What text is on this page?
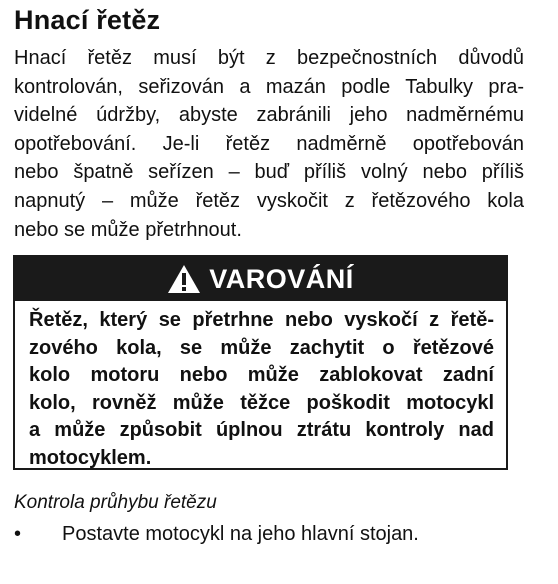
Hnací řetěz

Hnací řetěz musí být z bezpečnostních důvodů
kontrolován, seřizován a mazán podle Tabulky pra-
videlné údržby, abyste zabránili jeho nadměrnému
opotřebování. Je-li řetěz nadměrně opotřebován
nebo špatně seřízen – buď příliš volný nebo příliš
napnutý – může řetěz vyskočit z řetězového kola
nebo se může přetrhnout.

VAROVÁNÍ

Řetěz, který se přetrhne nebo vyskočí z řetě-
zového kola, se může zachytit o řetězové
kolo motoru nebo může zablokovat zadní
kolo, rovněž může těžce poškodit motocykl
a může způsobit úplnou ztrátu kontroly nad
motocyklem.

Kontrola průhybu řetězu

•	Postavte motocykl na jeho hlavní stojan.
